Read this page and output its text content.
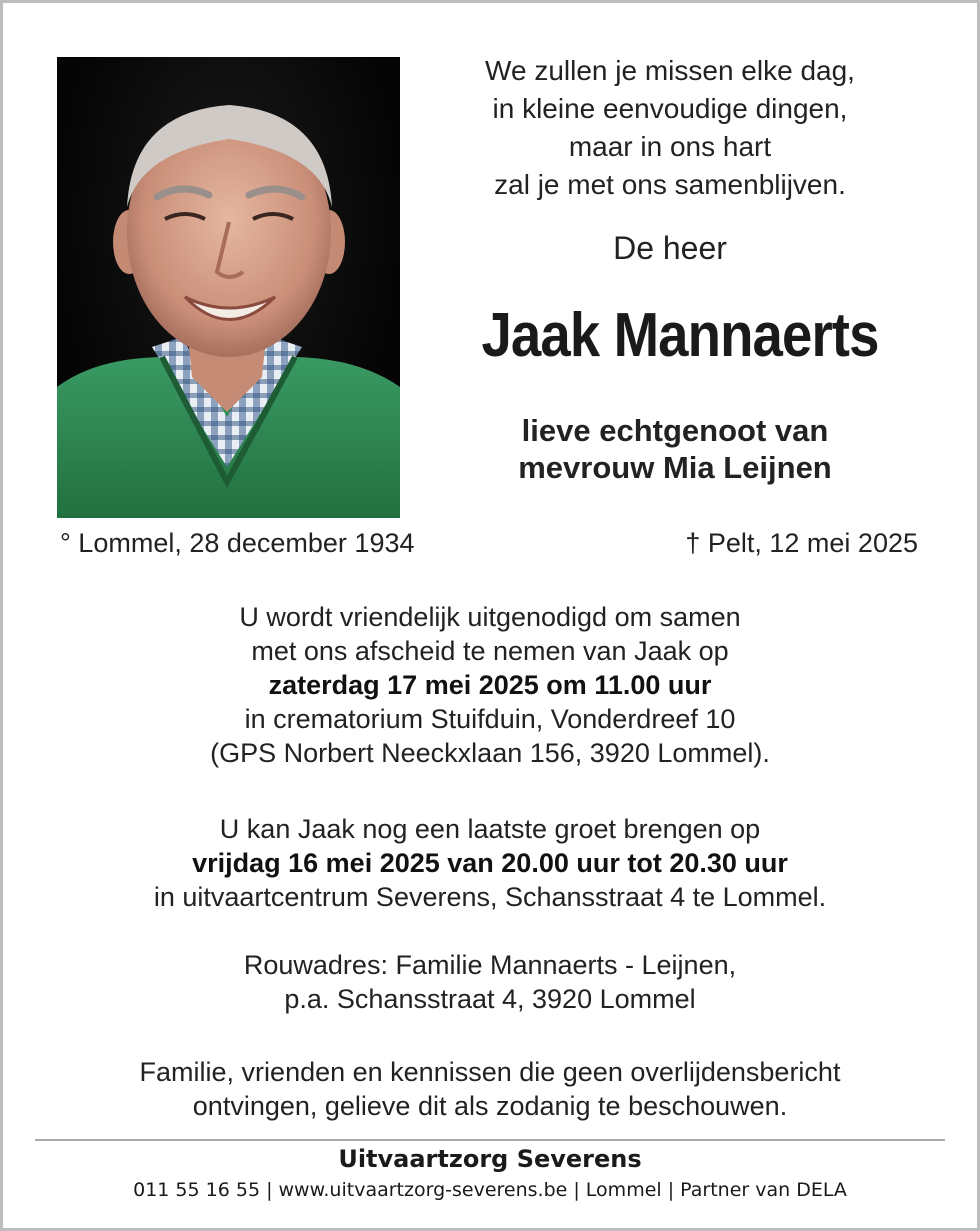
We zullen je missen elke dag,
in kleine eenvoudige dingen,
maar in ons hart
zal je met ons samenblijven.
De heer
Jaak Mannaerts
lieve echtgenoot van
mevrouw Mia Leijnen
° Lommel, 28 december 1934	† Pelt, 12 mei 2025
U wordt vriendelijk uitgenodigd om samen
met ons afscheid te nemen van Jaak op
zaterdag 17 mei 2025 om 11.00 uur
in crematorium Stuifduin, Vonderdreef 10
(GPS Norbert Neeckxlaan 156, 3920 Lommel).
U kan Jaak nog een laatste groet brengen op
vrijdag 16 mei 2025 van 20.00 uur tot 20.30 uur
in uitvaartcentrum Severens, Schansstraat 4 te Lommel.
Rouwadres: Familie Mannaerts - Leijnen,
p.a. Schansstraat 4, 3920 Lommel
Familie, vrienden en kennissen die geen overlijdensbericht
ontvingen, gelieve dit als zodanig te beschouwen.
Uitvaartzorg Severens
011 55 16 55 | www.uitvaartzorg-severens.be | Lommel | Partner van DELA
